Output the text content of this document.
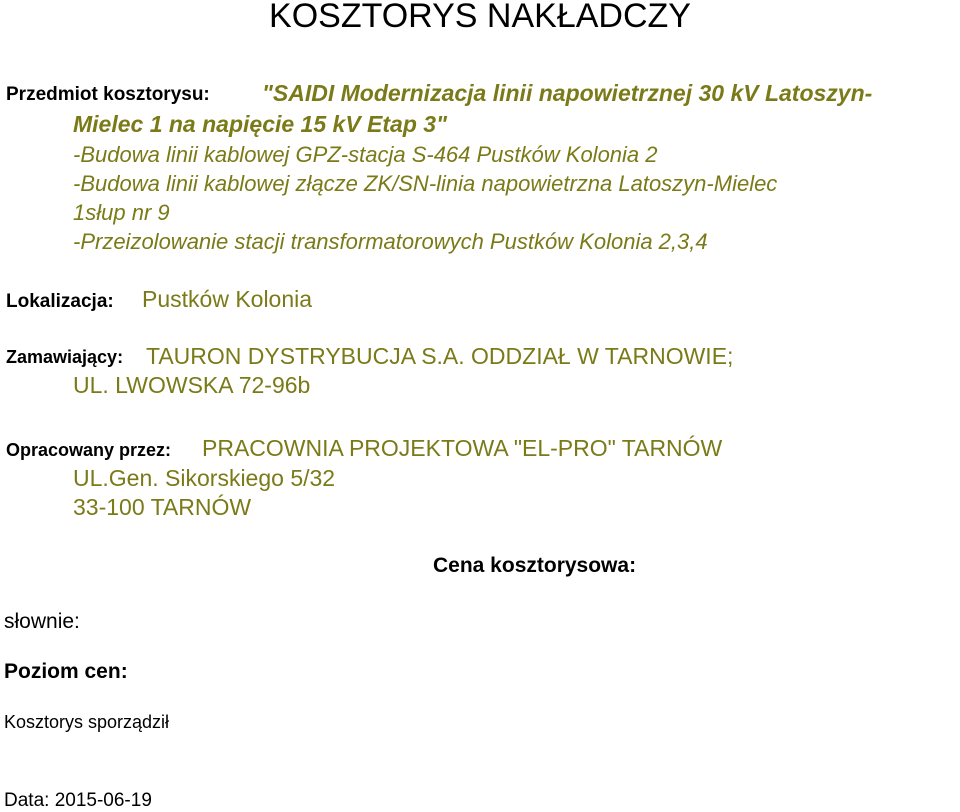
KOSZTORYS NAKŁADCZY
Przedmiot kosztorysu: "SAIDI Modernizacja linii napowietrznej 30 kV Latoszyn-
Mielec 1 na napięcie 15 kV Etap 3"
-Budowa linii kablowej GPZ-stacja S-464 Pustków Kolonia 2
-Budowa linii kablowej złącze ZK/SN-linia napowietrzna Latoszyn-Mielec
1słup nr 9
-Przeizolowanie stacji transformatorowych Pustków Kolonia 2,3,4
Lokalizacja: Pustków Kolonia
Zamawiający: TAURON DYSTRYBUCJA S.A. ODDZIAŁ W TARNOWIE;
UL. LWOWSKA 72-96b
Opracowany przez: PRACOWNIA PROJEKTOWA "EL-PRO" TARNÓW
UL.Gen. Sikorskiego 5/32
33-100 TARNÓW
Cena kosztorysowa:
słownie:
Poziom cen:
Kosztorys sporządził
Data: 2015-06-19
